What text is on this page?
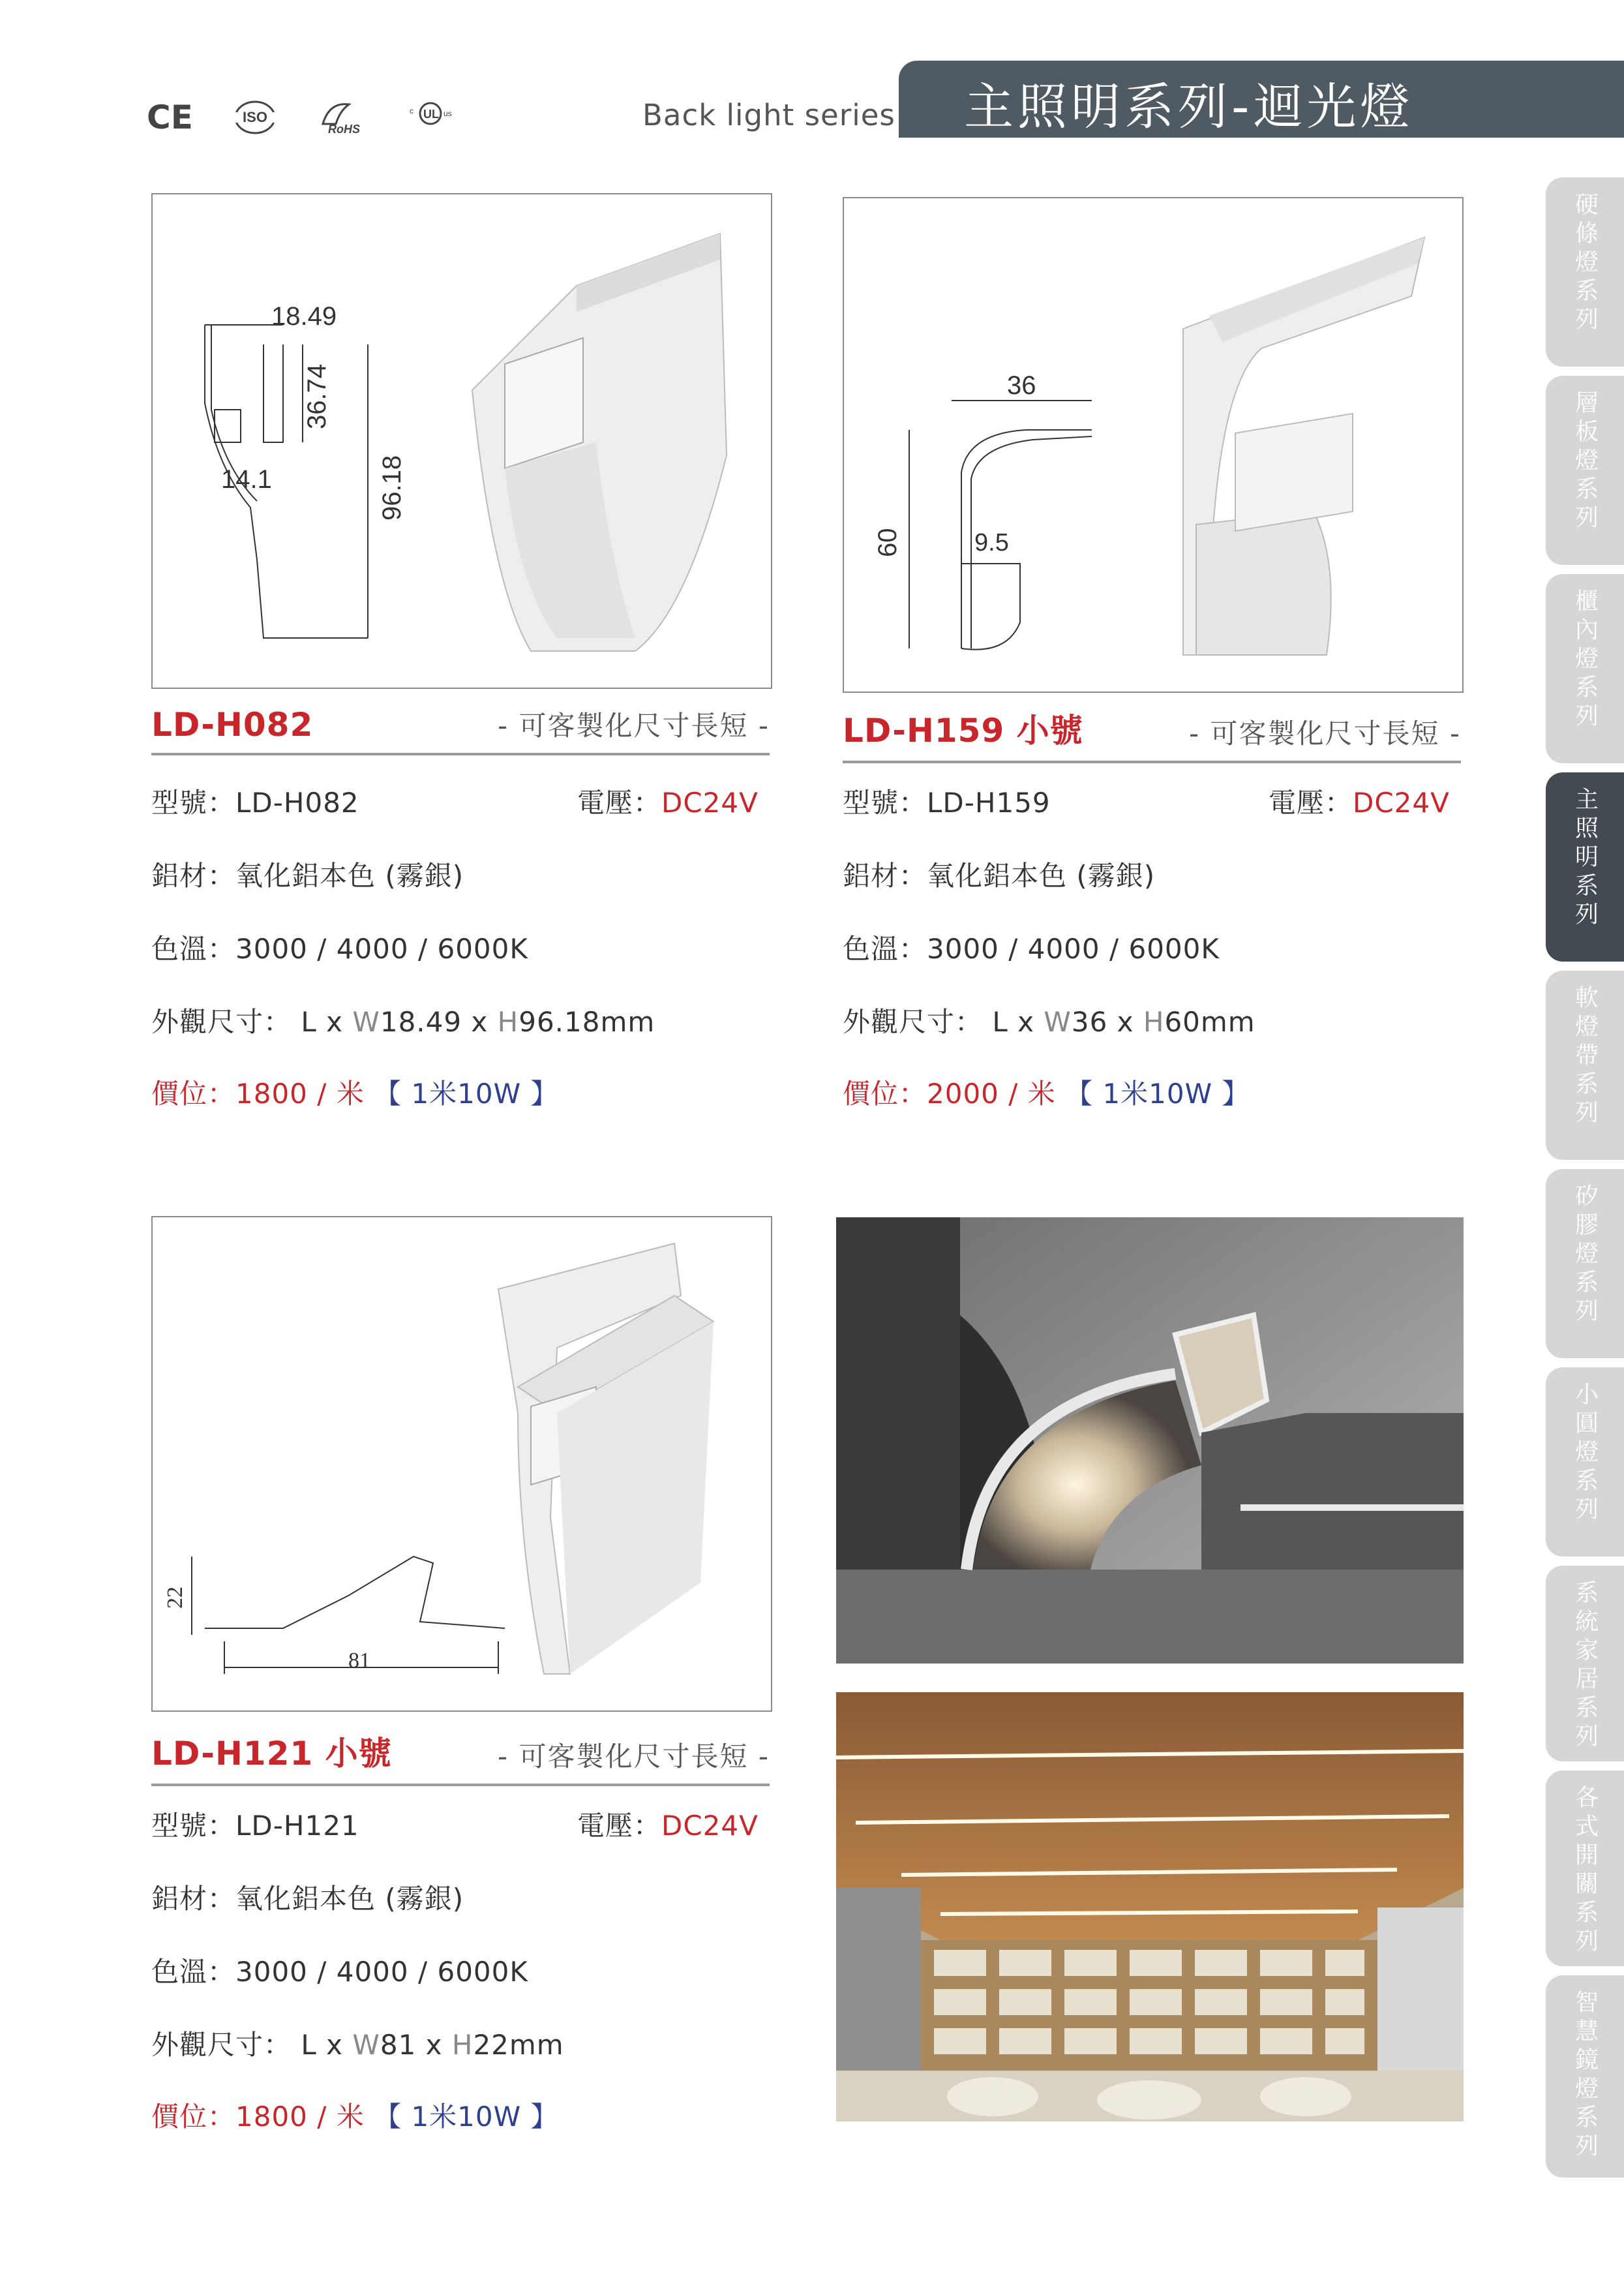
CE	ISO
RoHS
UL
c	us	Back light series 主照明系列-迴光燈
硬條燈系列
層板燈系列
櫃內燈系列
主照明系列
軟燈帶系列
矽膠燈系列
小圓燈系列
系統家居系列
各式開關系列
智慧鏡燈系列
18.49
36.74
14.1	96.18
LD-H082	- 可客製化尺寸長短 -
型號：LD-H082	電壓：DC24V
鋁材：氧化鋁本色 (霧銀)
色溫：3000 / 4000 / 6000K
外觀尺寸： L x W18.49 x H96.18mm
價位：1800 / 米 【 1米10W 】
36
60	9.5
LD-H159 小號	- 可客製化尺寸長短 -
型號：LD-H159	電壓：DC24V
鋁材：氧化鋁本色 (霧銀)
色溫：3000 / 4000 / 6000K
外觀尺寸： L x W36 x H60mm
價位：2000 / 米 【 1米10W 】
22
81
LD-H121 小號	- 可客製化尺寸長短 -
型號：LD-H121	電壓：DC24V
鋁材：氧化鋁本色 (霧銀)
色溫：3000 / 4000 / 6000K
外觀尺寸： L x W81 x H22mm
價位：1800 / 米 【 1米10W 】
